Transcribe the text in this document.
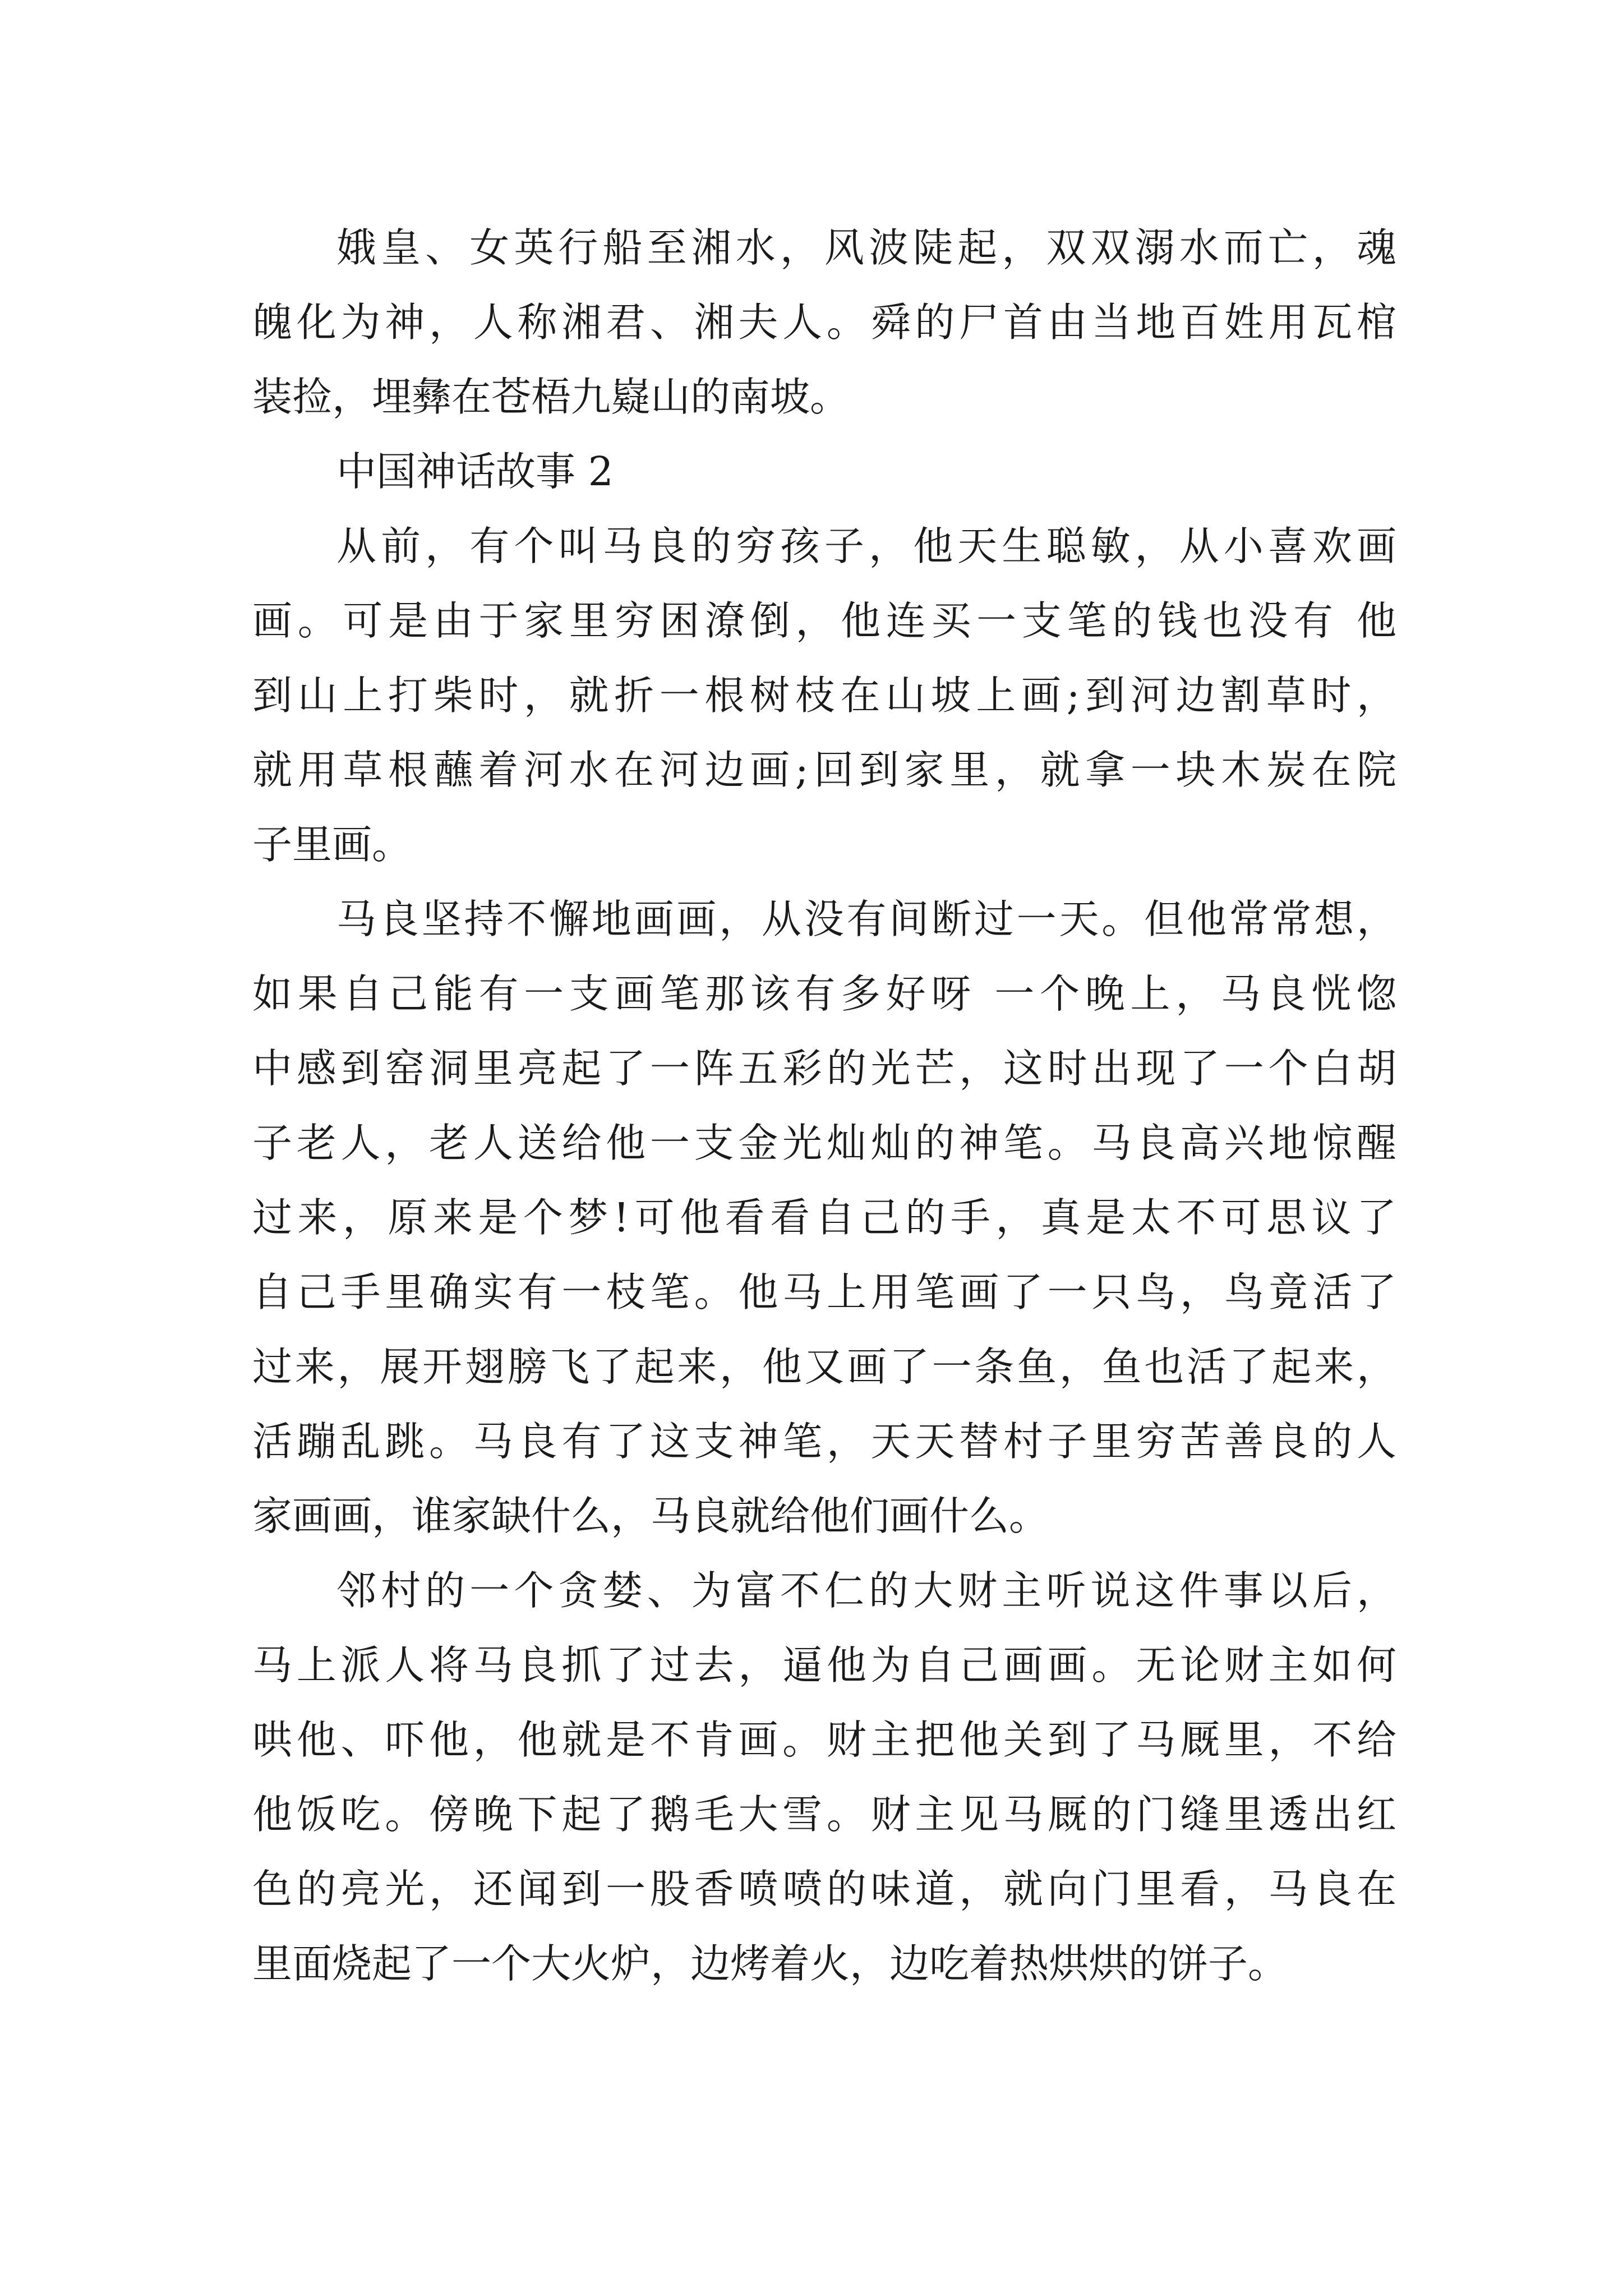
娥皇、女英行船至湘水，风波陡起，双双溺水而亡，魂
魄化为神，人称湘君、湘夫人。舜的尸首由当地百姓用瓦棺
装捡，埋彝在苍梧九嶷山的南坡。

中国神话故事 2

从前，有个叫马良的穷孩子，他天生聪敏，从小喜欢画
画。可是由于家里穷困潦倒，他连买一支笔的钱也没有 他
到山上打柴时，就折一根树枝在山坡上画;到河边割草时，
就用草根蘸着河水在河边画;回到家里，就拿一块木炭在院
子里画。

马良坚持不懈地画画，从没有间断过一天。但他常常想，
如果自己能有一支画笔那该有多好呀 一个晚上，马良恍惚
中感到窑洞里亮起了一阵五彩的光芒，这时出现了一个白胡
子老人，老人送给他一支金光灿灿的神笔。马良高兴地惊醒
过来，原来是个梦!可他看看自己的手，真是太不可思议了
自己手里确实有一枝笔。他马上用笔画了一只鸟，鸟竟活了
过来，展开翅膀飞了起来，他又画了一条鱼，鱼也活了起来，
活蹦乱跳。马良有了这支神笔，天天替村子里穷苦善良的人
家画画，谁家缺什么，马良就给他们画什么。

邻村的一个贪婪、为富不仁的大财主听说这件事以后，
马上派人将马良抓了过去，逼他为自己画画。无论财主如何
哄他、吓他，他就是不肯画。财主把他关到了马厩里，不给
他饭吃。傍晚下起了鹅毛大雪。财主见马厩的门缝里透出红
色的亮光，还闻到一股香喷喷的味道，就向门里看，马良在
里面烧起了一个大火炉，边烤着火，边吃着热烘烘的饼子。
